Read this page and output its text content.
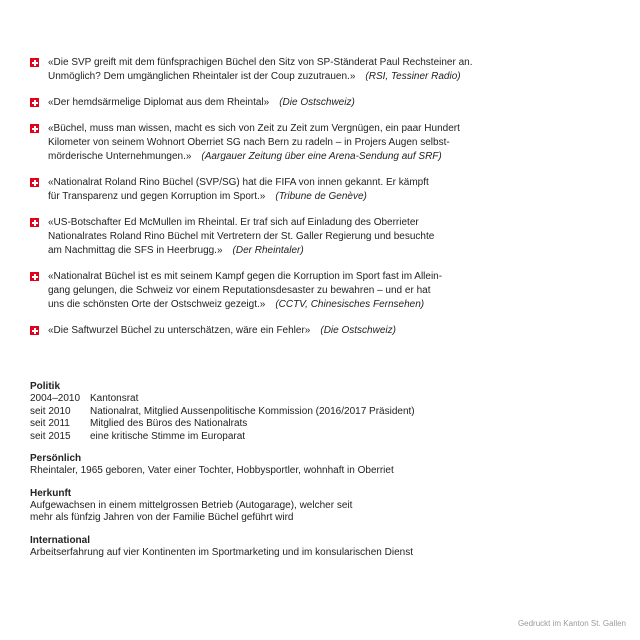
«Die SVP greift mit dem fünfsprachigen Büchel den Sitz von SP-Ständerat Paul Rechsteiner an.
Unmöglich? Dem umgänglichen Rheintaler ist der Coup zuzutrauen.» (RSI, Tessiner Radio)
«Der hemdsärmelige Diplomat aus dem Rheintal» (Die Ostschweiz)
«Büchel, muss man wissen, macht es sich von Zeit zu Zeit zum Vergnügen, ein paar Hundert
Kilometer von seinem Wohnort Oberriet SG nach Bern zu radeln – in Projers Augen selbst-
mörderische Unternehmungen.» (Aargauer Zeitung über eine Arena-Sendung auf SRF)
«Nationalrat Roland Rino Büchel (SVP/SG) hat die FIFA von innen gekannt. Er kämpft
für Transparenz und gegen Korruption im Sport.» (Tribune de Genève)
«US-Botschafter Ed McMullen im Rheintal. Er traf sich auf Einladung des Oberrieter
Nationalrates Roland Rino Büchel mit Vertretern der St. Galler Regierung und besuchte
am Nachmittag die SFS in Heerbrugg.» (Der Rheintaler)
«Nationalrat Büchel ist es mit seinem Kampf gegen die Korruption im Sport fast im Allein-
gang gelungen, die Schweiz vor einem Reputationsdesaster zu bewahren – und er hat
uns die schönsten Orte der Ostschweiz gezeigt.» (CCTV, Chinesisches Fernsehen)
«Die Saftwurzel Büchel zu unterschätzen, wäre ein Fehler» (Die Ostschweiz)
Politik
2004–2010 Kantonsrat
seit 2010	Nationalrat, Mitglied Aussenpolitische Kommission (2016/2017 Präsident)
seit 2011	Mitglied des Büros des Nationalrats
seit 2015	eine kritische Stimme im Europarat
Persönlich

Rheintaler, 1965 geboren, Vater einer Tochter, Hobbysportler, wohnhaft in Oberriet

Herkunft

Aufgewachsen in einem mittelgrossen Betrieb (Autogarage), welcher seit

mehr als fünfzig Jahren von der Familie Büchel geführt wird

International

Arbeitserfahrung auf vier Kontinenten im Sportmarketing und im konsularischen Dienst

Gedruckt im Kanton St. Gallen
